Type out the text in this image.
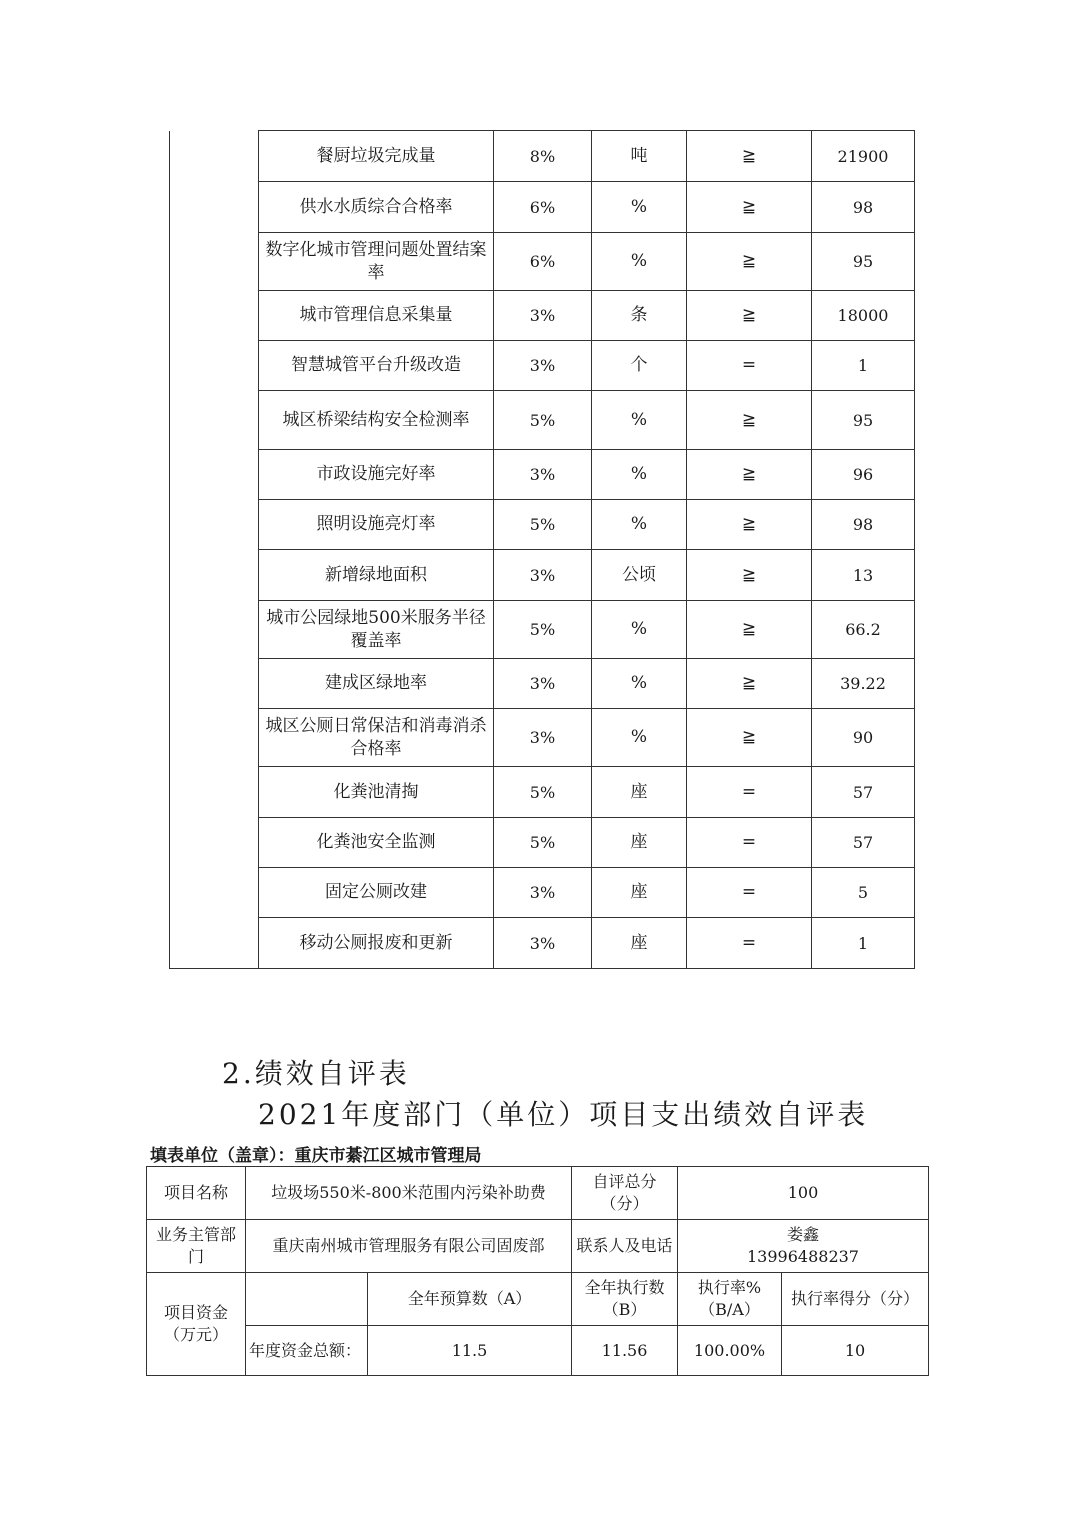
	餐厨垃圾完成量	8%	吨	≧	21900
	供水水质综合合格率	6%	%	≧	98
	数字化城市管理问题处置结案率	6%	%	≧	95
	城市管理信息采集量	3%	条	≧	18000
	智慧城管平台升级改造	3%	个	=	1
	城区桥梁结构安全检测率	5%	%	≧	95
	市政设施完好率	3%	%	≧	96
	照明设施亮灯率	5%	%	≧	98
	新增绿地面积	3%	公顷	≧	13
	城市公园绿地500米服务半径覆盖率	5%	%	≧	66.2
	建成区绿地率	3%	%	≧	39.22
	城区公厕日常保洁和消毒消杀合格率	3%	%	≧	90
	化粪池清掏	5%	座	=	57
	化粪池安全监测	5%	座	=	57
	固定公厕改建	3%	座	=	5
	移动公厕报废和更新	3%	座	=	1
2.绩效自评表
2021年度部门（单位）项目支出绩效自评表
填表单位（盖章）：重庆市綦江区城市管理局
项目名称	垃圾场550米-800米范围内污染补助费		自评总分（分）	100	
业务主管部门	重庆南州城市管理服务有限公司固废部		联系人及电话	娄鑫
13996488237	

项目资金（万元）		全年预算数（A）	全年执行数（B）	执行率%（B/A）	执行率得分（分）
	年度资金总额：	11.5	11.56	100.00%	10
